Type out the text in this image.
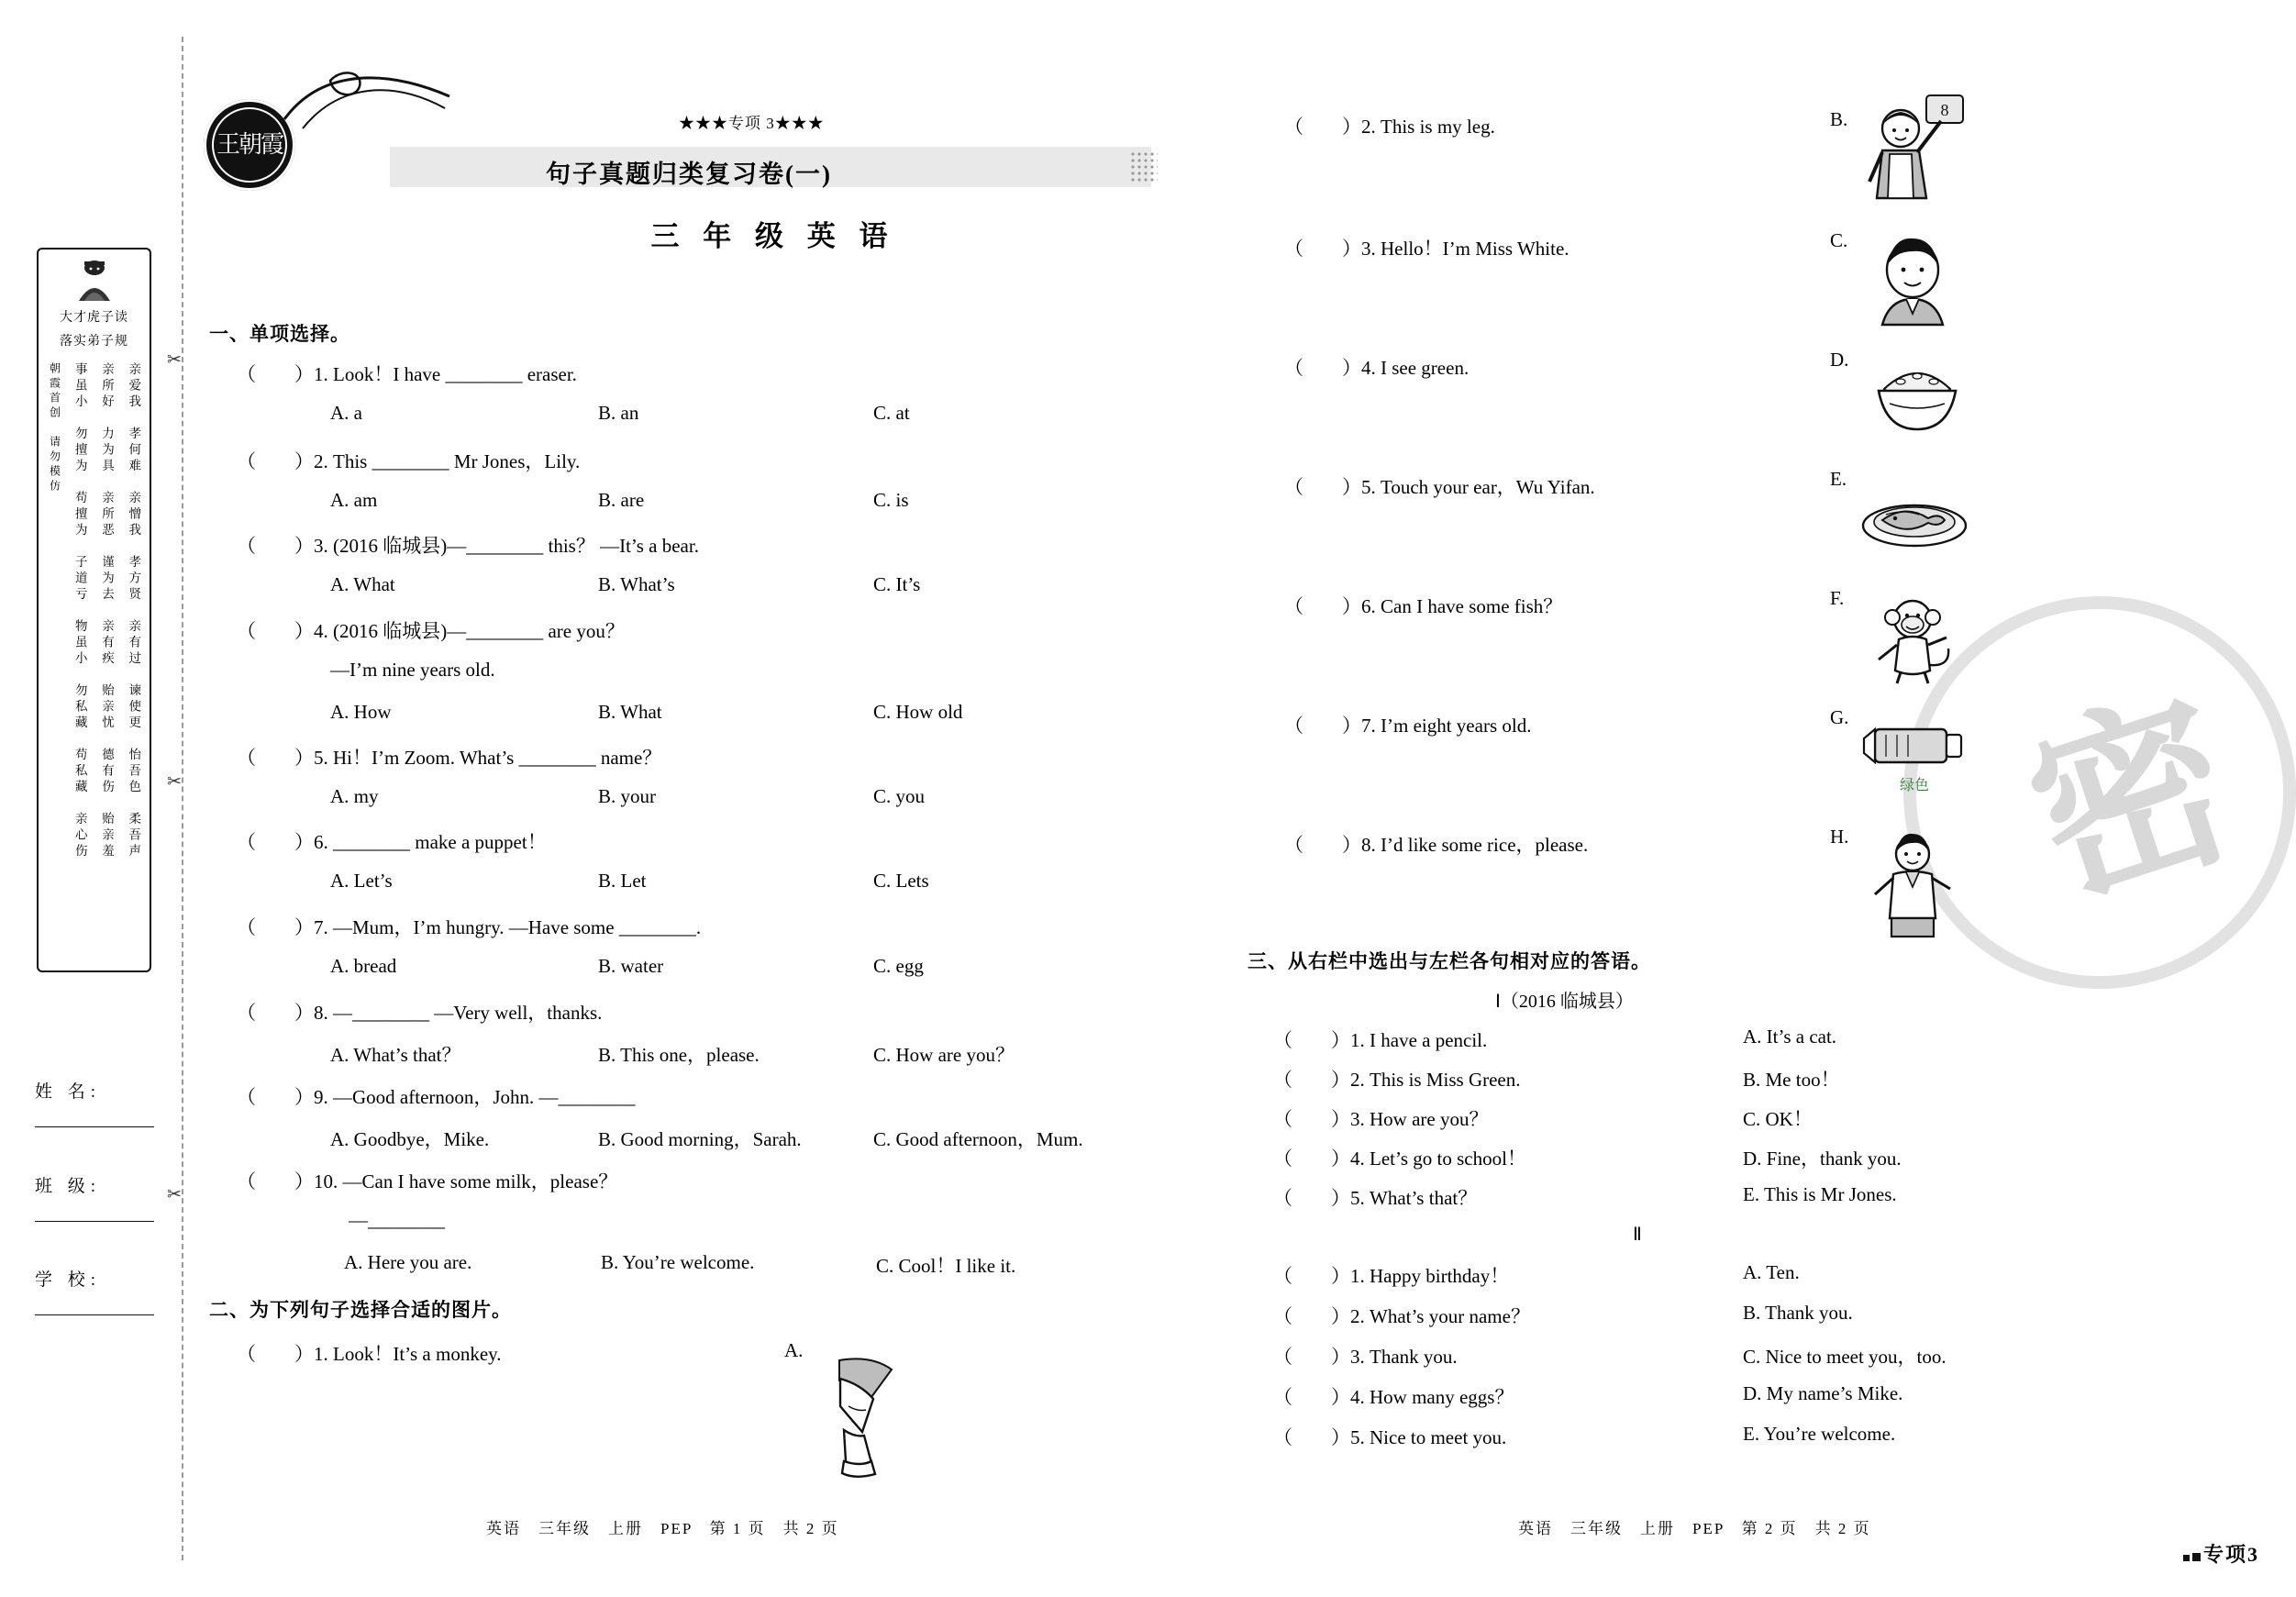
✂
✂
✂
大才虎子读
落实弟子规
亲爱我　孝何难　亲憎我　孝方贤　亲有过　谏使更　怡吾色　柔吾声
亲所好　力为具　亲所恶　谨为去　亲有疾　贻亲忧　德有伤　贻亲羞
事虽小　勿擅为　苟擅为　子道亏　物虽小　勿私藏　苟私藏　亲心伤
朝霞首创　请勿模仿
姓 名:
班 级:
学 校:
王朝霞
★★★专项 3★★★
句子真题归类复习卷(一)
三 年 级 英 语
密
一、单项选择。
（　　）1. Look！I have ________ eraser.
A. a	B. an	C. at
（　　）2. This ________ Mr Jones，Lily.
A. am	B. are	C. is
（　　）3. (2016 临城县)—________ this？ —It’s a bear.
A. What	B. What’s	C. It’s
（　　）4. (2016 临城县)—________ are you？
—I’m nine years old.
A. How	B. What	C. How old
（　　）5. Hi！I’m Zoom. What’s ________ name？
A. my	B. your	C. you
（　　）6. ________ make a puppet！
A. Let’s	B. Let	C. Lets
（　　）7. —Mum，I’m hungry. —Have some ________.
A. bread	B. water	C. egg
（　　）8. —________ —Very well，thanks.
A. What’s that？	B. This one，please.	C. How are you？
（　　）9. —Good afternoon，John. —________
A. Goodbye，Mike.	B. Good morning，Sarah.	C. Good afternoon，Mum.
（　　）10. —Can I have some milk，please？
—________
A. Here you are.	B. You’re welcome.	C. Cool！I like it.
二、为下列句子选择合适的图片。
（　　）1. Look！It’s a monkey.	A.
（　　）2. This is my leg.	B.	8
（　　）3. Hello！I’m Miss White.	C.
（　　）4. I see green.	D.
（　　）5. Touch your ear，Wu Yifan.	E.
（　　）6. Can I have some fish？	F.
（　　）7. I’m eight years old.	G.
绿色
（　　）8. I’d like some rice，please.	H.
三、从右栏中选出与左栏各句相对应的答语。
Ⅰ（2016 临城县）
（　　）1. I have a pencil.	A. It’s a cat.
（　　）2. This is Miss Green.	B. Me too！
（　　）3. How are you？	C. OK！
（　　）4. Let’s go to school！	D. Fine，thank you.
（　　）5. What’s that？	E. This is Mr Jones.
Ⅱ
（　　）1. Happy birthday！	A. Ten.
（　　）2. What’s your name？	B. Thank you.
（　　）3. Thank you.	C. Nice to meet you，too.
（　　）4. How many eggs？	D. My name’s Mike.
（　　）5. Nice to meet you.	E. You’re welcome.
英语　三年级　上册　PEP　第 1 页　共 2 页	英语　三年级　上册　PEP　第 2 页　共 2 页
专项3
